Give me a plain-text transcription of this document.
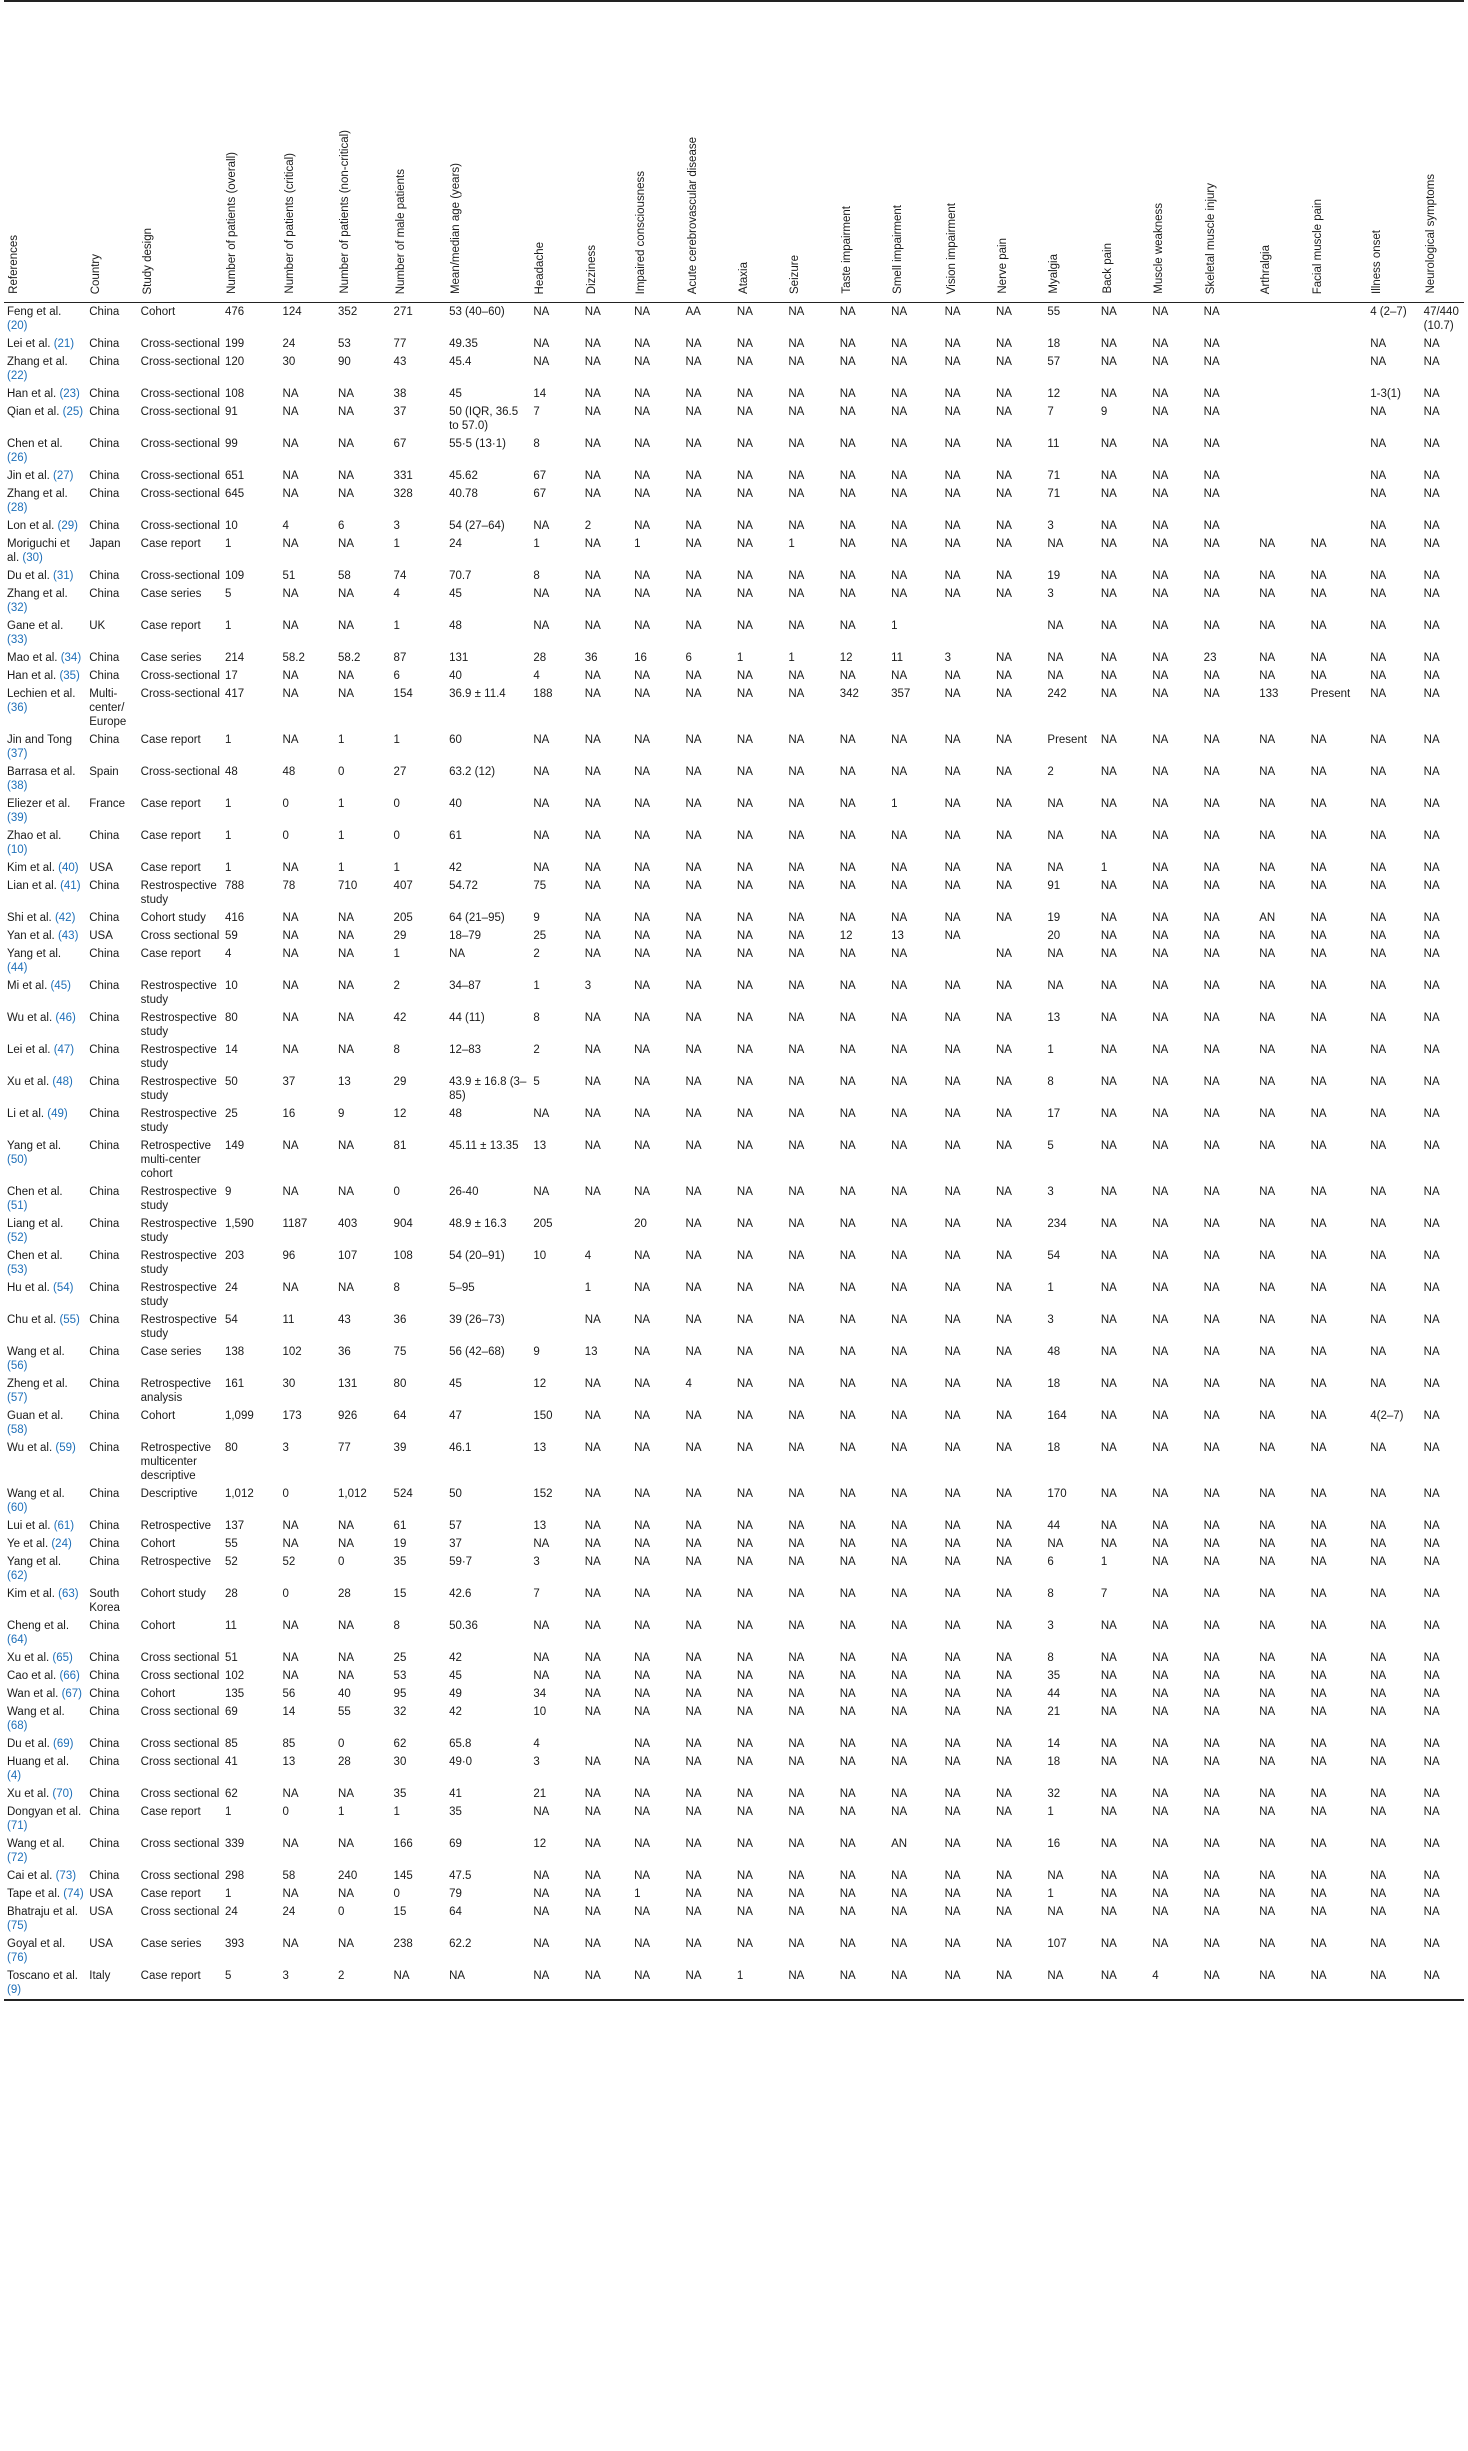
References	Country	Study design	Number of patients (overall)	Number of patients (critical)	Number of patients (non-critical)	Number of male patients	Mean/median age (years)	Headache	Dizziness	Impaired consciousness	Acute cerebrovascular disease	Ataxia	Seizure	Taste impairment	Smell impairment	Vision impairment	Nerve pain	Myalgia	Back pain	Muscle weakness	Skeletal muscle injury	Arthralgia	Facial muscle pain	Illness onset	Neurological symptoms

Feng et al. (20)	China	Cohort	476	124	352	271	53 (40–60)	NA	NA	NA	AA	NA	NA	NA	NA	NA	NA	55	NA	NA	NA			4 (2–7)	47/440 (10.7)
Lei et al. (21)	China	Cross-sectional	199	24	53	77	49.35	NA	NA	NA	NA	NA	NA	NA	NA	NA	NA	18	NA	NA	NA			NA	NA
Zhang et al. (22)	China	Cross-sectional	120	30	90	43	45.4	NA	NA	NA	NA	NA	NA	NA	NA	NA	NA	57	NA	NA	NA			NA	NA
Han et al. (23)	China	Cross-sectional	108	NA	NA	38	45	14	NA	NA	NA	NA	NA	NA	NA	NA	NA	12	NA	NA	NA			1-3(1)	NA
Qian et al. (25)	China	Cross-sectional	91	NA	NA	37	50 (IQR, 36.5 to 57.0)	7	NA	NA	NA	NA	NA	NA	NA	NA	NA	7	9	NA	NA			NA	NA
Chen et al. (26)	China	Cross-sectional	99	NA	NA	67	55·5 (13·1)	8	NA	NA	NA	NA	NA	NA	NA	NA	NA	11	NA	NA	NA			NA	NA
Jin et al. (27)	China	Cross-sectional	651	NA	NA	331	45.62	67	NA	NA	NA	NA	NA	NA	NA	NA	NA	71	NA	NA	NA			NA	NA
Zhang et al. (28)	China	Cross-sectional	645	NA	NA	328	40.78	67	NA	NA	NA	NA	NA	NA	NA	NA	NA	71	NA	NA	NA			NA	NA
Lon et al. (29)	China	Cross-sectional	10	4	6	3	54 (27–64)	NA	2	NA	NA	NA	NA	NA	NA	NA	NA	3	NA	NA	NA			NA	NA
Moriguchi et al. (30)	Japan	Case report	1	NA	NA	1	24	1	NA	1	NA	NA	1	NA	NA	NA	NA	NA	NA	NA	NA	NA	NA	NA	NA
Du et al. (31)	China	Cross-sectional	109	51	58	74	70.7	8	NA	NA	NA	NA	NA	NA	NA	NA	NA	19	NA	NA	NA	NA	NA	NA	NA
Zhang et al. (32)	China	Case series	5	NA	NA	4	45	NA	NA	NA	NA	NA	NA	NA	NA	NA	NA	3	NA	NA	NA	NA	NA	NA	NA
Gane et al. (33)	UK	Case report	1	NA	NA	1	48	NA	NA	NA	NA	NA	NA	NA	1			NA	NA	NA	NA	NA	NA	NA	NA
Mao et al. (34)	China	Case series	214	58.2	58.2	87	131	28	36	16	6	1	1	12	11	3	NA	NA	NA	NA	23	NA	NA	NA	NA
Han et al. (35)	China	Cross-sectional	17	NA	NA	6	40	4	NA	NA	NA	NA	NA	NA	NA	NA	NA	NA	NA	NA	NA	NA	NA	NA	NA
Lechien et al. (36)	Multi-center/ Europe	Cross-sectional	417	NA	NA	154	36.9 ± 11.4	188	NA	NA	NA	NA	NA	342	357	NA	NA	242	NA	NA	NA	133	Present	NA	NA
Jin and Tong (37)	China	Case report	1	NA	1	1	60	NA	NA	NA	NA	NA	NA	NA	NA	NA	NA	Present	NA	NA	NA	NA	NA	NA	NA
Barrasa et al. (38)	Spain	Cross-sectional	48	48	0	27	63.2 (12)	NA	NA	NA	NA	NA	NA	NA	NA	NA	NA	2	NA	NA	NA	NA	NA	NA	NA
Eliezer et al. (39)	France	Case report	1	0	1	0	40	NA	NA	NA	NA	NA	NA	NA	1	NA	NA	NA	NA	NA	NA	NA	NA	NA	NA
Zhao et al. (10)	China	Case report	1	0	1	0	61	NA	NA	NA	NA	NA	NA	NA	NA	NA	NA	NA	NA	NA	NA	NA	NA	NA	NA
Kim et al. (40)	USA	Case report	1	NA	1	1	42	NA	NA	NA	NA	NA	NA	NA	NA	NA	NA	NA	1	NA	NA	NA	NA	NA	NA
Lian et al. (41)	China	Restrospective study	788	78	710	407	54.72	75	NA	NA	NA	NA	NA	NA	NA	NA	NA	91	NA	NA	NA	NA	NA	NA	NA
Shi et al. (42)	China	Cohort study	416	NA	NA	205	64 (21–95)	9	NA	NA	NA	NA	NA	NA	NA	NA	NA	19	NA	NA	NA	AN	NA	NA	NA
Yan et al. (43)	USA	Cross sectional	59	NA	NA	29	18–79	25	NA	NA	NA	NA	NA	12	13	NA		20	NA	NA	NA	NA	NA	NA	NA
Yang et al. (44)	China	Case report	4	NA	NA	1	NA	2	NA	NA	NA	NA	NA	NA	NA		NA	NA	NA	NA	NA	NA	NA	NA	NA
Mi et al. (45)	China	Restrospective study	10	NA	NA	2	34–87	1	3	NA	NA	NA	NA	NA	NA	NA	NA	NA	NA	NA	NA	NA	NA	NA	NA
Wu et al. (46)	China	Restrospective study	80	NA	NA	42	44 (11)	8	NA	NA	NA	NA	NA	NA	NA	NA	NA	13	NA	NA	NA	NA	NA	NA	NA
Lei et al. (47)	China	Restrospective study	14	NA	NA	8	12–83	2	NA	NA	NA	NA	NA	NA	NA	NA	NA	1	NA	NA	NA	NA	NA	NA	NA
Xu et al. (48)	China	Restrospective study	50	37	13	29	43.9 ± 16.8 (3–85)	5	NA	NA	NA	NA	NA	NA	NA	NA	NA	8	NA	NA	NA	NA	NA	NA	NA
Li et al. (49)	China	Restrospective study	25	16	9	12	48	NA	NA	NA	NA	NA	NA	NA	NA	NA	NA	17	NA	NA	NA	NA	NA	NA	NA
Yang et al. (50)	China	Retrospective multi-center cohort	149	NA	NA	81	45.11 ± 13.35	13	NA	NA	NA	NA	NA	NA	NA	NA	NA	5	NA	NA	NA	NA	NA	NA	NA
Chen et al. (51)	China	Restrospective study	9	NA	NA	0	26-40	NA	NA	NA	NA	NA	NA	NA	NA	NA	NA	3	NA	NA	NA	NA	NA	NA	NA
Liang et al. (52)	China	Restrospective study	1,590	1187	403	904	48.9 ± 16.3	205		20	NA	NA	NA	NA	NA	NA	NA	234	NA	NA	NA	NA	NA	NA	NA
Chen et al. (53)	China	Restrospective study	203	96	107	108	54 (20–91)	10	4	NA	NA	NA	NA	NA	NA	NA	NA	54	NA	NA	NA	NA	NA	NA	NA
Hu et al. (54)	China	Restrospective study	24	NA	NA	8	5–95		1	NA	NA	NA	NA	NA	NA	NA	NA	1	NA	NA	NA	NA	NA	NA	NA
Chu et al. (55)	China	Restrospective study	54	11	43	36	39 (26–73)		NA	NA	NA	NA	NA	NA	NA	NA	NA	3	NA	NA	NA	NA	NA	NA	NA
Wang et al. (56)	China	Case series	138	102	36	75	56 (42–68)	9	13	NA	NA	NA	NA	NA	NA	NA	NA	48	NA	NA	NA	NA	NA	NA	NA
Zheng et al. (57)	China	Retrospective analysis	161	30	131	80	45	12	NA	NA	4	NA	NA	NA	NA	NA	NA	18	NA	NA	NA	NA	NA	NA	NA
Guan et al. (58)	China	Cohort	1,099	173	926	64	47	150	NA	NA	NA	NA	NA	NA	NA	NA	NA	164	NA	NA	NA	NA	NA	4(2–7)	NA
Wu et al. (59)	China	Retrospective multicenter descriptive	80	3	77	39	46.1	13	NA	NA	NA	NA	NA	NA	NA	NA	NA	18	NA	NA	NA	NA	NA	NA	NA
Wang et al. (60)	China	Descriptive	1,012	0	1,012	524	50	152	NA	NA	NA	NA	NA	NA	NA	NA	NA	170	NA	NA	NA	NA	NA	NA	NA
Lui et al. (61)	China	Retrospective	137	NA	NA	61	57	13	NA	NA	NA	NA	NA	NA	NA	NA	NA	44	NA	NA	NA	NA	NA	NA	NA
Ye et al. (24)	China	Cohort	55	NA	NA	19	37	NA	NA	NA	NA	NA	NA	NA	NA	NA	NA	NA	NA	NA	NA	NA	NA	NA	NA
Yang et al. (62)	China	Retrospective	52	52	0	35	59·7	3	NA	NA	NA	NA	NA	NA	NA	NA	NA	6	1	NA	NA	NA	NA	NA	NA
Kim et al. (63)	South Korea	Cohort study	28	0	28	15	42.6	7	NA	NA	NA	NA	NA	NA	NA	NA	NA	8	7	NA	NA	NA	NA	NA	NA
Cheng et al. (64)	China	Cohort	11	NA	NA	8	50.36	NA	NA	NA	NA	NA	NA	NA	NA	NA	NA	3	NA	NA	NA	NA	NA	NA	NA
Xu et al. (65)	China	Cross sectional	51	NA	NA	25	42	NA	NA	NA	NA	NA	NA	NA	NA	NA	NA	8	NA	NA	NA	NA	NA	NA	NA
Cao et al. (66)	China	Cross sectional	102	NA	NA	53	45	NA	NA	NA	NA	NA	NA	NA	NA	NA	NA	35	NA	NA	NA	NA	NA	NA	NA
Wan et al. (67)	China	Cohort	135	56	40	95	49	34	NA	NA	NA	NA	NA	NA	NA	NA	NA	44	NA	NA	NA	NA	NA	NA	NA
Wang et al. (68)	China	Cross sectional	69	14	55	32	42	10	NA	NA	NA	NA	NA	NA	NA	NA	NA	21	NA	NA	NA	NA	NA	NA	NA
Du et al. (69)	China	Cross sectional	85	85	0	62	65.8	4		NA	NA	NA	NA	NA	NA	NA	NA	14	NA	NA	NA	NA	NA	NA	NA
Huang et al. (4)	China	Cross sectional	41	13	28	30	49·0	3	NA	NA	NA	NA	NA	NA	NA	NA	NA	18	NA	NA	NA	NA	NA	NA	NA
Xu et al. (70)	China	Cross sectional	62	NA	NA	35	41	21	NA	NA	NA	NA	NA	NA	NA	NA	NA	32	NA	NA	NA	NA	NA	NA	NA
Dongyan et al. (71)	China	Case report	1	0	1	1	35	NA	NA	NA	NA	NA	NA	NA	NA	NA	NA	1	NA	NA	NA	NA	NA	NA	NA
Wang et al. (72)	China	Cross sectional	339	NA	NA	166	69	12	NA	NA	NA	NA	NA	NA	AN	NA	NA	16	NA	NA	NA	NA	NA	NA	NA
Cai et al. (73)	China	Cross sectional	298	58	240	145	47.5	NA	NA	NA	NA	NA	NA	NA	NA	NA	NA	NA	NA	NA	NA	NA	NA	NA	NA
Tape et al. (74)	USA	Case report	1	NA	NA	0	79	NA	NA	1	NA	NA	NA	NA	NA	NA	NA	1	NA	NA	NA	NA	NA	NA	NA
Bhatraju et al. (75)	USA	Cross sectional	24	24	0	15	64	NA	NA	NA	NA	NA	NA	NA	NA	NA	NA	NA	NA	NA	NA	NA	NA	NA	NA
Goyal et al. (76)	USA	Case series	393	NA	NA	238	62.2	NA	NA	NA	NA	NA	NA	NA	NA	NA	NA	107	NA	NA	NA	NA	NA	NA	NA
Toscano et al. (9)	Italy	Case report	5	3	2	NA	NA	NA	NA	NA	NA	1	NA	NA	NA	NA	NA	NA	NA	4	NA	NA	NA	NA	NA
